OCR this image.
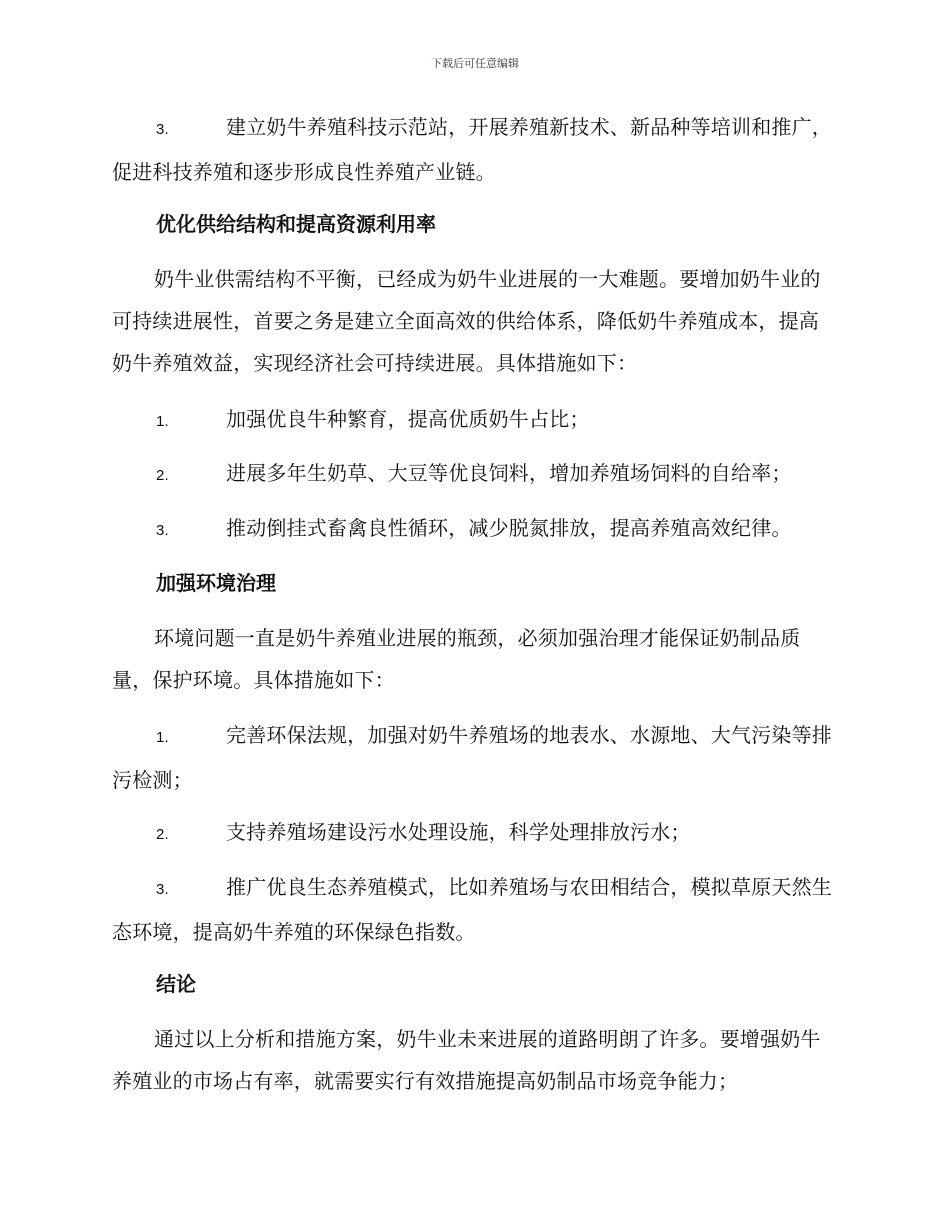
下载后可任意编辑
3.	建立奶牛养殖科技示范站，开展养殖新技术、新品种等培训和推广，促进科技养殖和逐步形成良性养殖产业链。
优化供给结构和提高资源利用率
奶牛业供需结构不平衡，已经成为奶牛业进展的一大难题。要增加奶牛业的可持续进展性，首要之务是建立全面高效的供给体系，降低奶牛养殖成本，提高奶牛养殖效益，实现经济社会可持续进展。具体措施如下：
1.	加强优良牛种繁育，提高优质奶牛占比；
2.	进展多年生奶草、大豆等优良饲料，增加养殖场饲料的自给率；
3.	推动倒挂式畜禽良性循环，减少脱氮排放，提高养殖高效纪律。
加强环境治理
环境问题一直是奶牛养殖业进展的瓶颈，必须加强治理才能保证奶制品质量，保护环境。具体措施如下：
1.	完善环保法规，加强对奶牛养殖场的地表水、水源地、大气污染等排污检测；
2.	支持养殖场建设污水处理设施，科学处理排放污水；
3.	推广优良生态养殖模式，比如养殖场与农田相结合，模拟草原天然生态环境，提高奶牛养殖的环保绿色指数。
结论
通过以上分析和措施方案，奶牛业未来进展的道路明朗了许多。要增强奶牛养殖业的市场占有率，就需要实行有效措施提高奶制品市场竞争能力；
